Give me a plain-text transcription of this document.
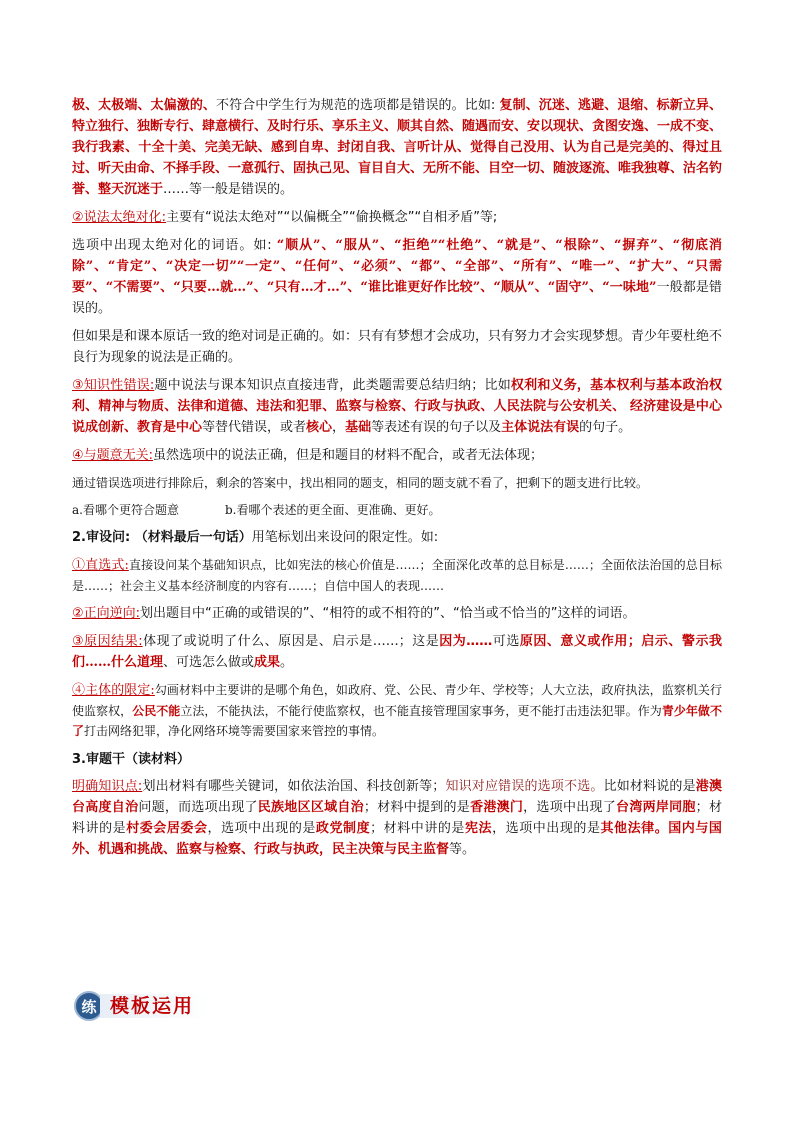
极、太极端、太偏激的、不符合中学生行为规范的选项都是错误的。比如: 复制、沉迷、逃避、退缩、标新立异、特立独行、独断专行、肆意横行、及时行乐、享乐主义、顺其自然、随遇而安、安以现状、贪图安逸、一成不变、我行我素、十全十美、完美无缺、感到自卑、封闭自我、言听计从、觉得自己没用、认为自己是完美的、得过且过、听天由命、不择手段、一意孤行、固执己见、盲目自大、无所不能、目空一切、随波逐流、唯我独尊、沽名钓誉、整天沉迷于……等一般是错误的。

②说法太绝对化:主要有“说法太绝对”“以偏概全”“偷换概念”“自相矛盾”等;

选项中出现太绝对化的词语。如: “顺从”、“服从”、“拒绝”“杜绝”、“就是”、“根除”、“摒弃”、“彻底消除”、“肯定”、“决定一切”“一定”、“任何”、“必须”、“都”、“全部”、“所有”、“唯一”、“扩大”、“只需要”、“不需要”、“只要…就…”、“只有…才…”、“谁比谁更好作比较”、“顺从”、“固守”、“一味地”一般都是错误的。

但如果是和课本原话一致的绝对词是正确的。如：只有有梦想才会成功，只有努力才会实现梦想。青少年要杜绝不良行为现象的说法是正确的。

③知识性错误:题中说法与课本知识点直接违背，此类题需要总结归纳；比如权利和义务，基本权利与基本政治权利、精神与物质、法律和道德、违法和犯罪、监察与检察、行政与执政、人民法院与公安机关、 经济建设是中心说成创新、教育是中心等替代错误，或者核心，基础等表述有误的句子以及主体说法有误的句子。

④与题意无关:虽然选项中的说法正确，但是和题目的材料不配合，或者无法体现；

通过错误选项进行排除后，剩余的答案中，找出相同的题支，相同的题支就不看了，把剩下的题支进行比较。

a.看哪个更符合题意	b.看哪个表述的更全面、更准确、更好。

2.审设问: （材料最后一句话）用笔标划出来设问的限定性。如:

①直选式:直接设问某个基础知识点，比如宪法的核心价值是……；全面深化改革的总目标是……；全面依法治国的总目标是……；社会主义基本经济制度的内容有……；自信中国人的表现……

②正向逆向:划出题目中“正确的或错误的”、“相符的或不相符的”、“恰当或不恰当的”这样的词语。

③原因结果:体现了或说明了什么、原因是、启示是……；这是因为……可选原因、意义或作用；启示、警示我们……什么道理、可选怎么做或成果。

④主体的限定:勾画材料中主要讲的是哪个角色，如政府、党、公民、青少年、学校等；人大立法，政府执法，监察机关行使监察权，公民不能立法，不能执法，不能行使监察权，也不能直接管理国家事务，更不能打击违法犯罪。作为青少年做不了打击网络犯罪，净化网络环境等需要国家来管控的事情。

3.审题干（读材料）

明确知识点:划出材料有哪些关键词，如依法治国、科技创新等；知识对应错误的选项不选。比如材料说的是港澳台高度自治问题，而选项出现了民族地区区域自治；材料中提到的是香港澳门，选项中出现了台湾两岸同胞；材料讲的是村委会居委会，选项中出现的是政党制度；材料中讲的是宪法，选项中出现的是其他法律。国内与国外、机遇和挑战、监察与检察、行政与执政，民主决策与民主监督等。

练 模板运用
